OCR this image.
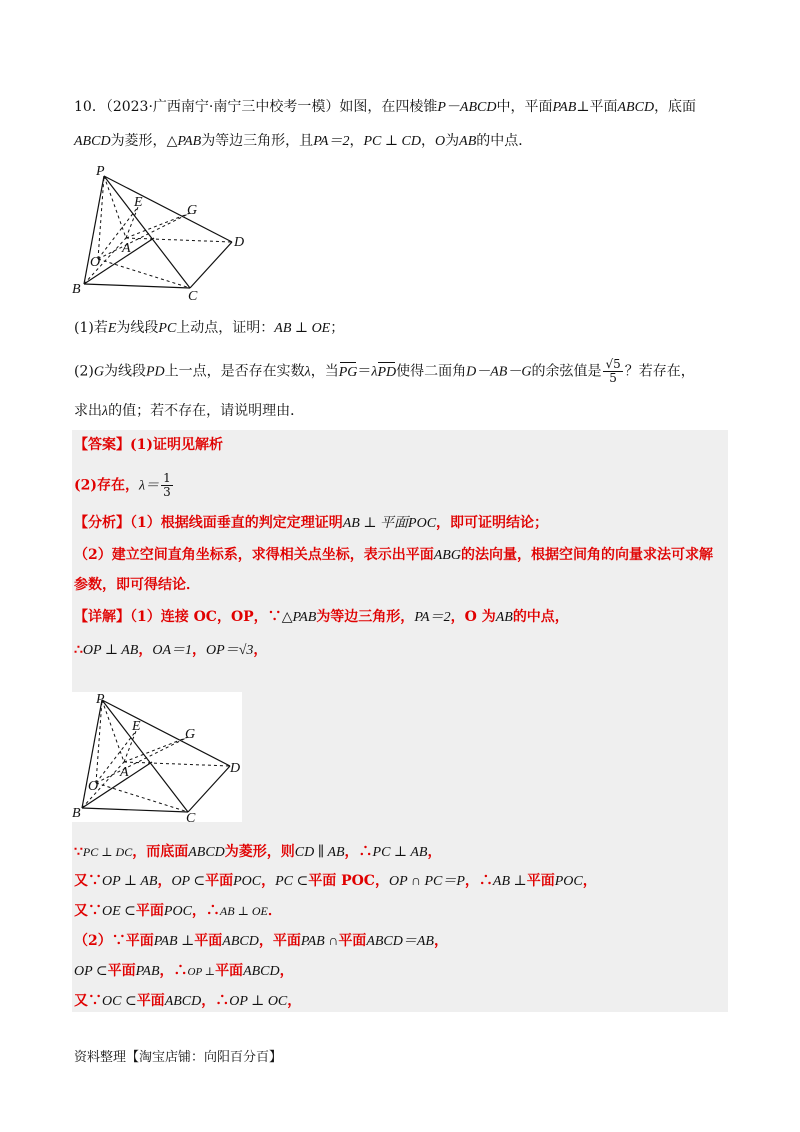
10．（2023·广西南宁·南宁三中校考一模）如图，在四棱锥P－ABCD中，平面PAB⊥平面ABCD，底面
ABCD为菱形，△PAB为等边三角形，且PA＝2，PC ⊥ CD，O为AB的中点．
P
E
G
A	D
O
B	C
(1)若E为线段PC上动点，证明：AB ⊥ OE；
(2)G为线段PD上一点，是否存在实数λ，当PG＝λPD使得二面角D－AB－G的余弦值是 $\frac{√5}{5}$ ？若存在，
求出λ的值；若不存在，请说明理由．
【答案】(1)证明见解析
(2)存在，$\lambda= \frac{1}{3}$
【分析】（1）根据线面垂直的判定定理证明AB ⊥ 平面POC，即可证明结论；
（2）建立空间直角坐标系，求得相关点坐标，表示出平面ABG的法向量，根据空间角的向量求法可求解
参数，即可得结论．
【详解】（1）连接 OC，OP，∵△PAB为等边三角形，PA＝2，O 为AB的中点，
∴OP ⊥ AB，OA＝1，OP＝√3，
P
E
G
A	D
O
B	C
∵PC ⊥ DC，而底面ABCD为菱形，则CD ∥ AB，∴PC ⊥ AB，
又∵OP ⊥ AB，OP ⊂平面POC，PC ⊂平面 POC，OP ∩ PC＝P，∴AB ⊥平面POC，
又∵OE ⊂平面POC，∴AB ⊥ OE．
（2）∵平面PAB ⊥平面ABCD，平面PAB ∩平面ABCD＝AB，
OP ⊂平面PAB，∴OP ⊥平面ABCD，
又∵OC ⊂平面ABCD，∴OP ⊥ OC，
资料整理【淘宝店铺：向阳百分百】
